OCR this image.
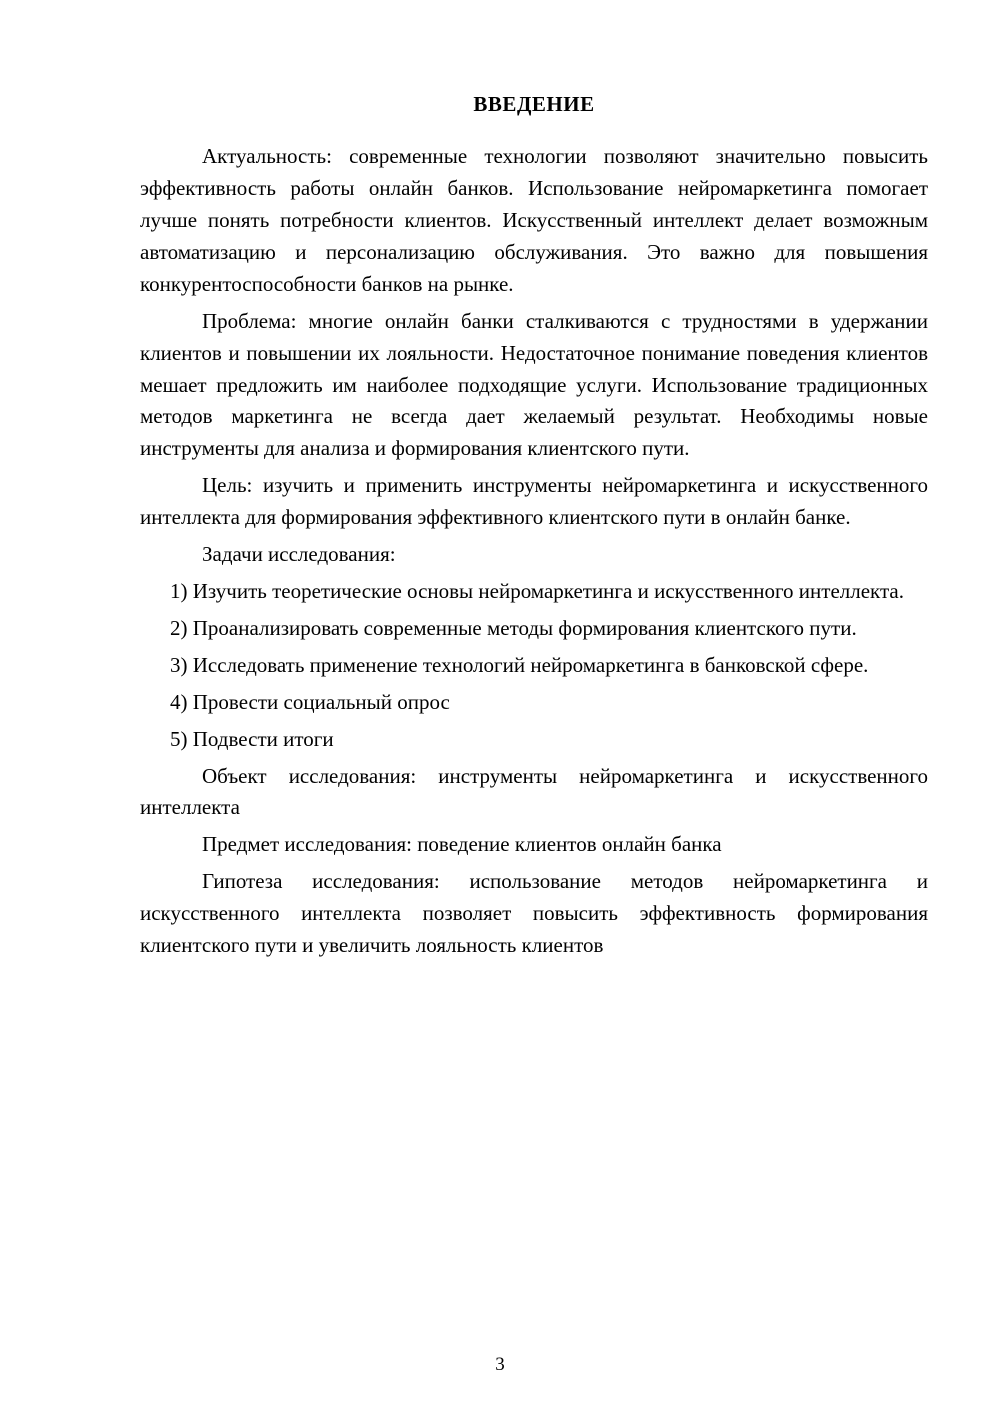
ВВЕДЕНИЕ

Актуальность: современные технологии позволяют значительно повысить эффективность работы онлайн банков. Использование нейромаркетинга помогает лучше понять потребности клиентов. Искусственный интеллект делает возможным автоматизацию и персонализацию обслуживания. Это важно для повышения конкурентоспособности банков на рынке.

Проблема: многие онлайн банки сталкиваются с трудностями в удержании клиентов и повышении их лояльности. Недостаточное понимание поведения клиентов мешает предложить им наиболее подходящие услуги. Использование традиционных методов маркетинга не всегда дает желаемый результат. Необходимы новые инструменты для анализа и формирования клиентского пути.

Цель: изучить и применить инструменты нейромаркетинга и искусственного интеллекта для формирования эффективного клиентского пути в онлайн банке.

Задачи исследования:

1) Изучить теоретические основы нейромаркетинга и искусственного интеллекта.

2) Проанализировать современные методы формирования клиентского пути.

3) Исследовать применение технологий нейромаркетинга в банковской сфере.

4) Провести социальный опрос

5) Подвести итоги

Объект исследования: инструменты нейромаркетинга и искусственного интеллекта

Предмет исследования: поведение клиентов онлайн банка

Гипотеза исследования: использование методов нейромаркетинга и искусственного интеллекта позволяет повысить эффективность формирования клиентского пути и увеличить лояльность клиентов

3
